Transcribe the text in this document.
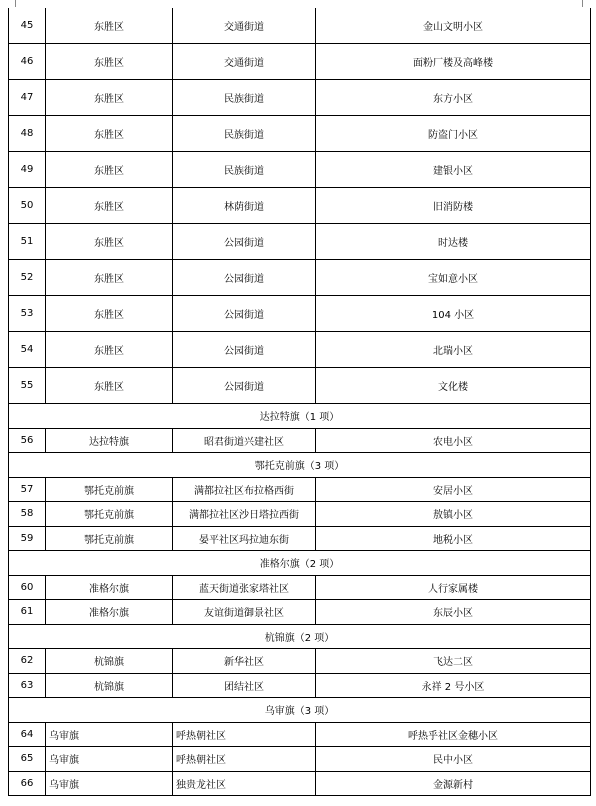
45	东胜区	交通街道	金山文明小区
46	东胜区	交通街道	面粉厂楼及高峰楼
47	东胜区	民族街道	东方小区
48	东胜区	民族街道	防盗门小区
49	东胜区	民族街道	建银小区
50	东胜区	林荫街道	旧消防楼
51	东胜区	公园街道	时达楼
52	东胜区	公园街道	宝如意小区
53	东胜区	公园街道	104 小区
54	东胜区	公园街道	北瑞小区
55	东胜区	公园街道	文化楼
达拉特旗（1 项）			
56	达拉特旗	昭君街道兴建社区	农电小区
鄂托克前旗（3 项）			
57	鄂托克前旗	满都拉社区布拉格西街	安居小区
58	鄂托克前旗	满都拉社区沙日塔拉西街	敖镇小区
59	鄂托克前旗	晏平社区玛拉迪东街	地税小区
准格尔旗（2 项）			
60	准格尔旗	蓝天街道张家塔社区	人行家属楼
61	准格尔旗	友谊街道御景社区	东辰小区
杭锦旗（2 项）			
62	杭锦旗	新华社区	飞达二区
63	杭锦旗	团结社区	永祥 2 号小区
乌审旗（3 项）			
64	乌审旗	呼热朝社区	呼热乎社区金穗小区
65	乌审旗	呼热朝社区	民中小区
66	乌审旗	独贵龙社区	金源新村
